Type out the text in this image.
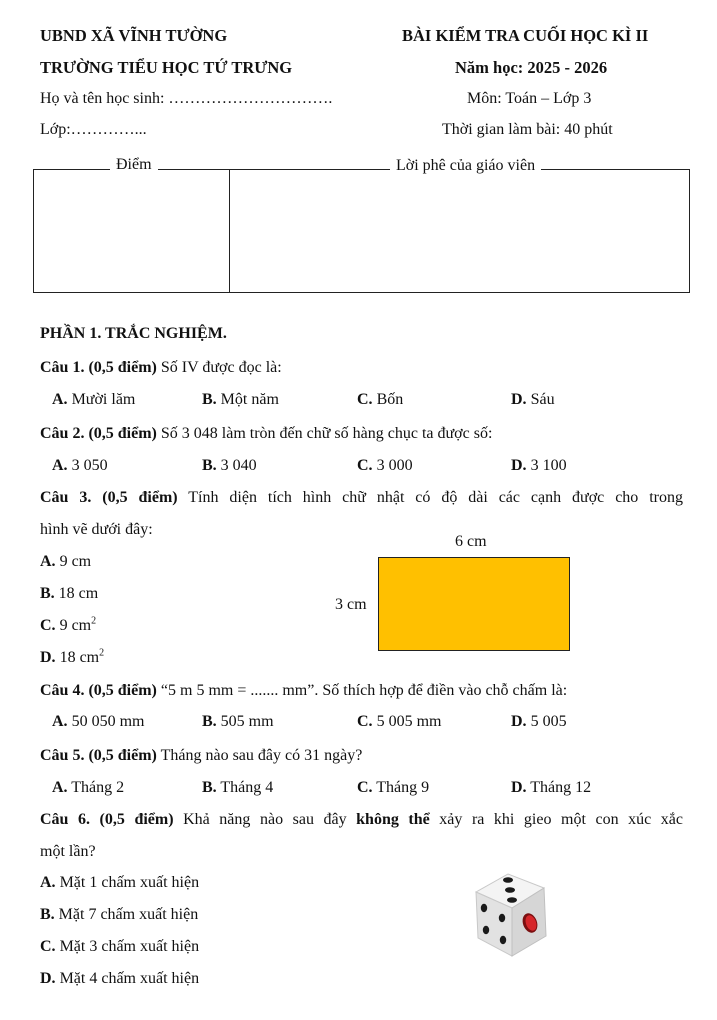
UBND XÃ VĨNH TƯỜNG
TRƯỜNG TIỂU HỌC TỨ TRƯNG
BÀI KIỂM TRA CUỐI HỌC KÌ II
Năm học: 2025 - 2026
Họ và tên học sinh: ………………………….	Môn: Toán – Lớp 3
Lớp:…………...	Thời gian làm bài: 40 phút
Điểm	Lời phê của giáo viên
PHẦN 1. TRẮC NGHIỆM.
Câu 1. (0,5 điểm) Số IV được đọc là:
A. Mười lăm	B. Một năm	C. Bốn	D. Sáu
Câu 2. (0,5 điểm) Số 3 048 làm tròn đến chữ số hàng chục ta được số:
A. 3 050	B. 3 040	C. 3 000	D. 3 100
Câu 3. (0,5 điểm) Tính diện tích hình chữ nhật có độ dài các cạnh được cho trong
hình vẽ dưới đây:
A. 9 cm
B. 18 cm
C. 9 $cm^2$
D. 18 $cm^2$
6 cm
3 cm
Câu 4. (0,5 điểm) “5 m 5 mm = ....... mm”. Số thích hợp để điền vào chỗ chấm là:
A. 50 050 mm	B. 505 mm	C. 5 005 mm	D. 5 005
Câu 5. (0,5 điểm) Tháng nào sau đây có 31 ngày?
A. Tháng 2	B. Tháng 4	C. Tháng 9	D. Tháng 12
Câu 6. (0,5 điểm) Khả năng nào sau đây không thể xảy ra khi gieo một con xúc xắc
một lần?
A. Mặt 1 chấm xuất hiện
B. Mặt 7 chấm xuất hiện
C. Mặt 3 chấm xuất hiện
D. Mặt 4 chấm xuất hiện
